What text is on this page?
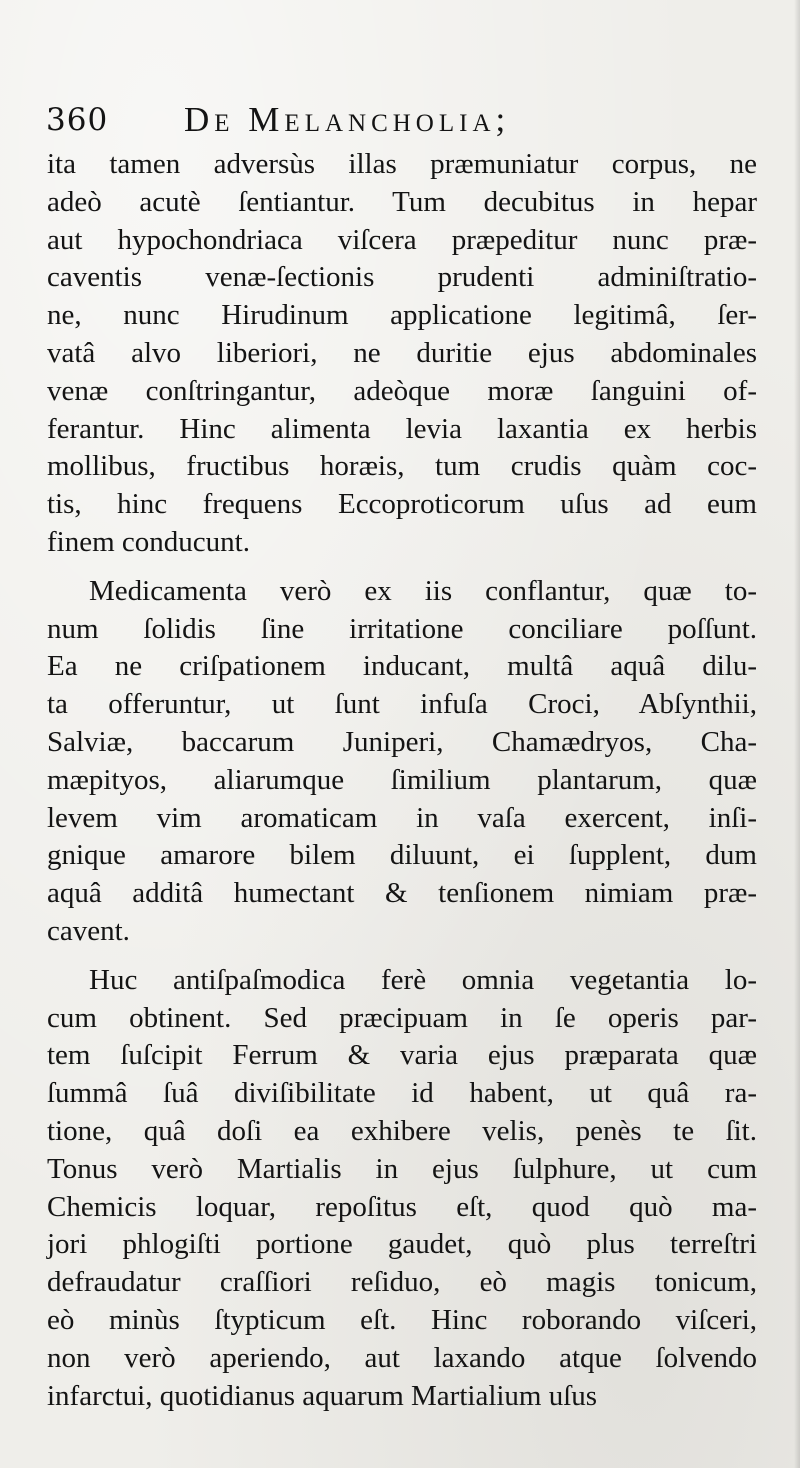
360 De Melancholia;
ita tamen adversùs illas præmuniatur corpus, ne
adeò acutè ſentiantur. Tum decubitus in hepar
aut hypochondriaca viſcera præpeditur nunc præ-
caventis venæ-ſectionis prudenti adminiſtratio-
ne, nunc Hirudinum applicatione legitimâ, ſer-
vatâ alvo liberiori, ne duritie ejus abdominales
venæ conſtringantur, adeòque moræ ſanguini of-
ferantur. Hinc alimenta levia laxantia ex herbis
mollibus, fructibus horæis, tum crudis quàm coc-
tis, hinc frequens Eccoproticorum uſus ad eum
finem conducunt.
Medicamenta verò ex iis conflantur, quæ to-
num ſolidis ſine irritatione conciliare poſſunt.
Ea ne criſpationem inducant, multâ aquâ dilu-
ta offeruntur, ut ſunt infuſa Croci, Abſynthii,
Salviæ, baccarum Juniperi, Chamædryos, Cha-
mæpityos, aliarumque ſimilium plantarum, quæ
levem vim aromaticam in vaſa exercent, inſi-
gnique amarore bilem diluunt, ei ſupplent, dum
aquâ additâ humectant & tenſionem nimiam præ-
cavent.
Huc antiſpaſmodica ferè omnia vegetantia lo-
cum obtinent. Sed præcipuam in ſe operis par-
tem ſuſcipit Ferrum & varia ejus præparata quæ
ſummâ ſuâ diviſibilitate id habent, ut quâ ra-
tione, quâ doſi ea exhibere velis, penès te ſit.
Tonus verò Martialis in ejus ſulphure, ut cum
Chemicis loquar, repoſitus eſt, quod quò ma-
jori phlogiſti portione gaudet, quò plus terreſtri
defraudatur craſſiori reſiduo, eò magis tonicum,
eò minùs ſtypticum eſt. Hinc roborando viſceri,
non verò aperiendo, aut laxando atque ſolvendo
infarctui, quotidianus aquarum Martialium uſus
